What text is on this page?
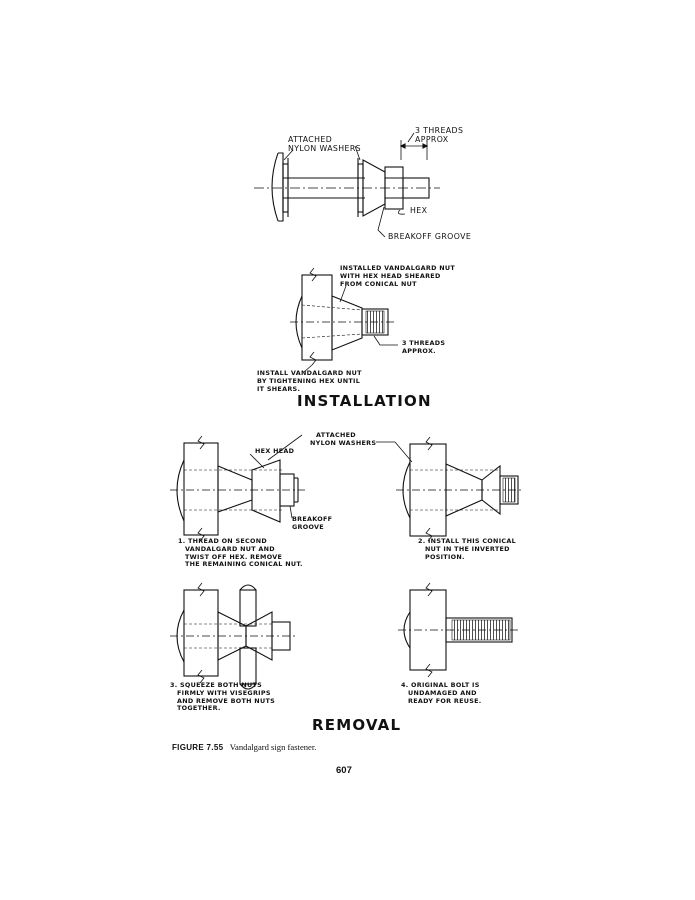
ATTACHED
NYLON WASHERS
3 THREADS
APPROX
HEX
BREAKOFF GROOVE
INSTALLED VANDALGARD NUT
WITH HEX HEAD SHEARED
FROM CONICAL NUT
3 THREADS
APPROX.
INSTALL VANDALGARD NUT
BY TIGHTENING HEX UNTIL
IT SHEARS.
INSTALLATION
ATTACHED
NYLON WASHERS
HEX HEAD
BREAKOFF
GROOVE
1. THREAD ON SECOND
VANDALGARD NUT AND
TWIST OFF HEX. REMOVE
THE REMAINING CONICAL NUT.
2. INSTALL THIS CONICAL
NUT IN THE INVERTED
POSITION.
3. SQUEEZE BOTH NUTS
FIRMLY WITH VISEGRIPS
AND REMOVE BOTH NUTS
TOGETHER.
4. ORIGINAL BOLT IS
UNDAMAGED AND
READY FOR REUSE.
REMOVAL
FIGURE 7.55 Vandalgard sign fastener.
607
